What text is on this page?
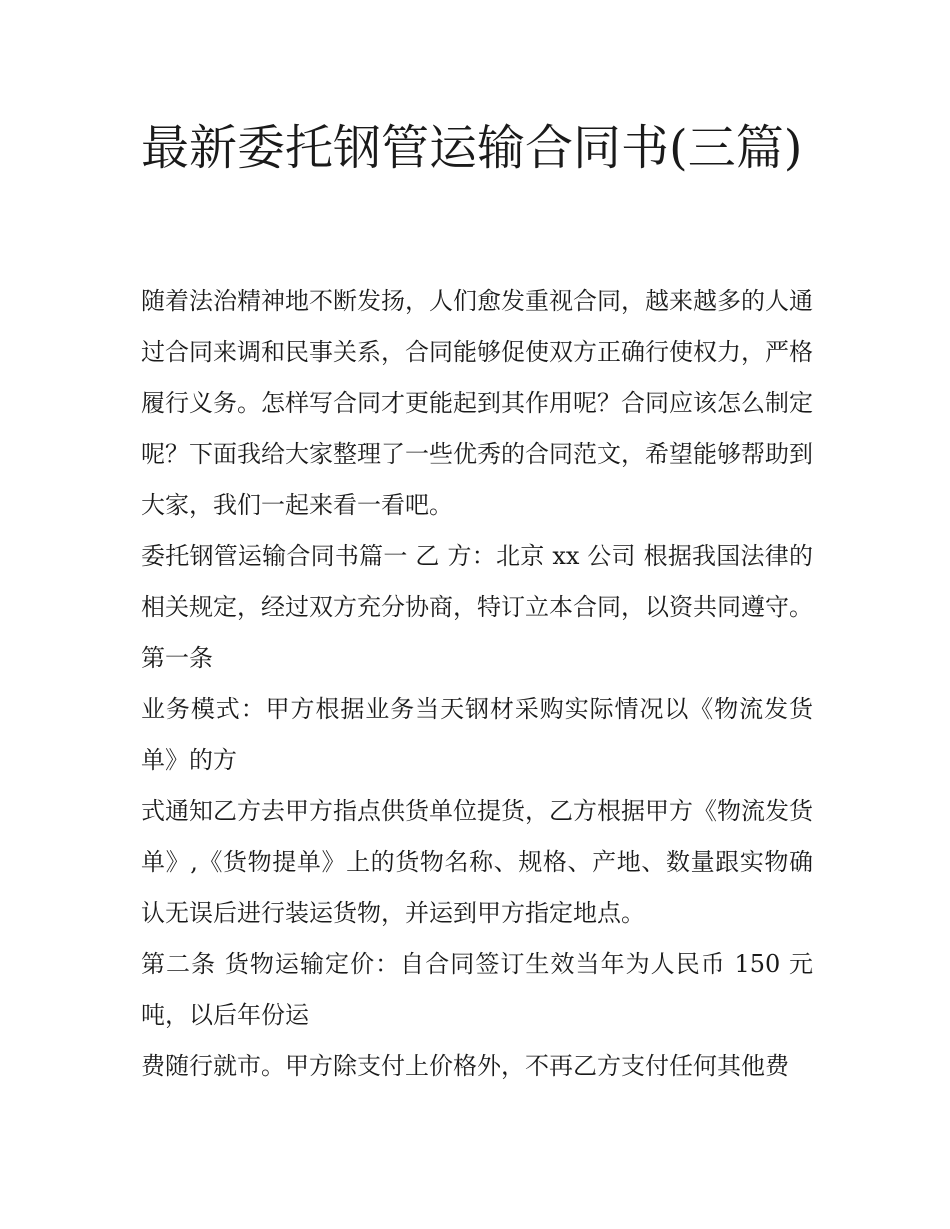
最新委托钢管运输合同书(三篇)

随着法治精神地不断发扬，人们愈发重视合同，越来越多的人通过合同来调和民事关系，合同能够促使双方正确行使权力，严格履行义务。怎样写合同才更能起到其作用呢？合同应该怎么制定呢？下面我给大家整理了一些优秀的合同范文，希望能够帮助到大家，我们一起来看一看吧。

委托钢管运输合同书篇一 乙 方：北京 xx 公司 根据我国法律的相关规定，经过双方充分协商，特订立本合同，以资共同遵守。 第一条

业务模式：甲方根据业务当天钢材采购实际情况以《物流发货单》的方

式通知乙方去甲方指点供货单位提货，乙方根据甲方《物流发货单》,《货物提单》上的货物名称、规格、产地、数量跟实物确认无误后进行装运货物，并运到甲方指定地点。

第二条 货物运输定价：自合同签订生效当年为人民币 150 元吨，以后年份运

费随行就市。甲方除支付上价格外，不再乙方支付任何其他费
